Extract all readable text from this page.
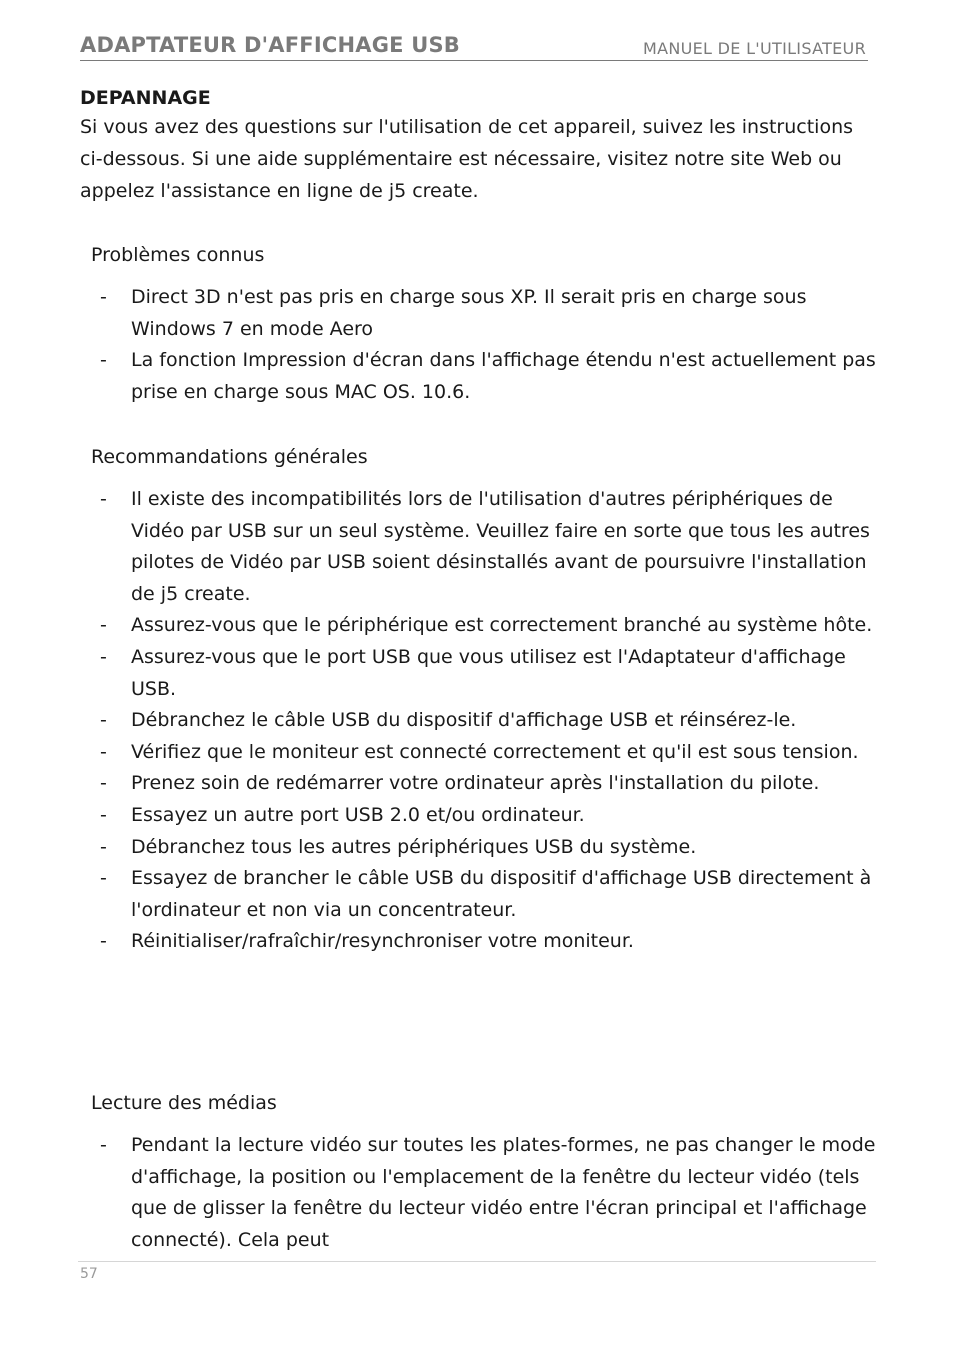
ADAPTATEUR D'AFFICHAGE USB	MANUEL DE L'UTILISATEUR
DEPANNAGE

Si vous avez des questions sur l'utilisation de cet appareil, suivez les instructions ci-dessous. Si une aide supplémentaire est nécessaire, visitez notre site Web ou appelez l'assistance en ligne de j5 create.

Problèmes connus

- Direct 3D n'est pas pris en charge sous XP. Il serait pris en charge sous Windows 7 en mode Aero
- La fonction Impression d'écran dans l'affichage étendu n'est actuellement pas prise en charge sous MAC OS. 10.6.

Recommandations générales

- Il existe des incompatibilités lors de l'utilisation d'autres périphériques de Vidéo par USB sur un seul système. Veuillez faire en sorte que tous les autres pilotes de Vidéo par USB soient désinstallés avant de poursuivre l'installation de j5 create.
- Assurez-vous que le périphérique est correctement branché au système hôte.
- Assurez-vous que le port USB que vous utilisez est l'Adaptateur d'affichage USB.
- Débranchez le câble USB du dispositif d'affichage USB et réinsérez-le.
- Vérifiez que le moniteur est connecté correctement et qu'il est sous tension.
- Prenez soin de redémarrer votre ordinateur après l'installation du pilote.
- Essayez un autre port USB 2.0 et/ou ordinateur.
- Débranchez tous les autres périphériques USB du système.
- Essayez de brancher le câble USB du dispositif d'affichage USB directement à l'ordinateur et non via un concentrateur.
- Réinitialiser/rafraîchir/resynchroniser votre moniteur.

Lecture des médias

- Pendant la lecture vidéo sur toutes les plates-formes, ne pas changer le mode d'affichage, la position ou l'emplacement de la fenêtre du lecteur vidéo (tels que de glisser la fenêtre du lecteur vidéo entre l'écran principal et l'affichage connecté). Cela peut
57
